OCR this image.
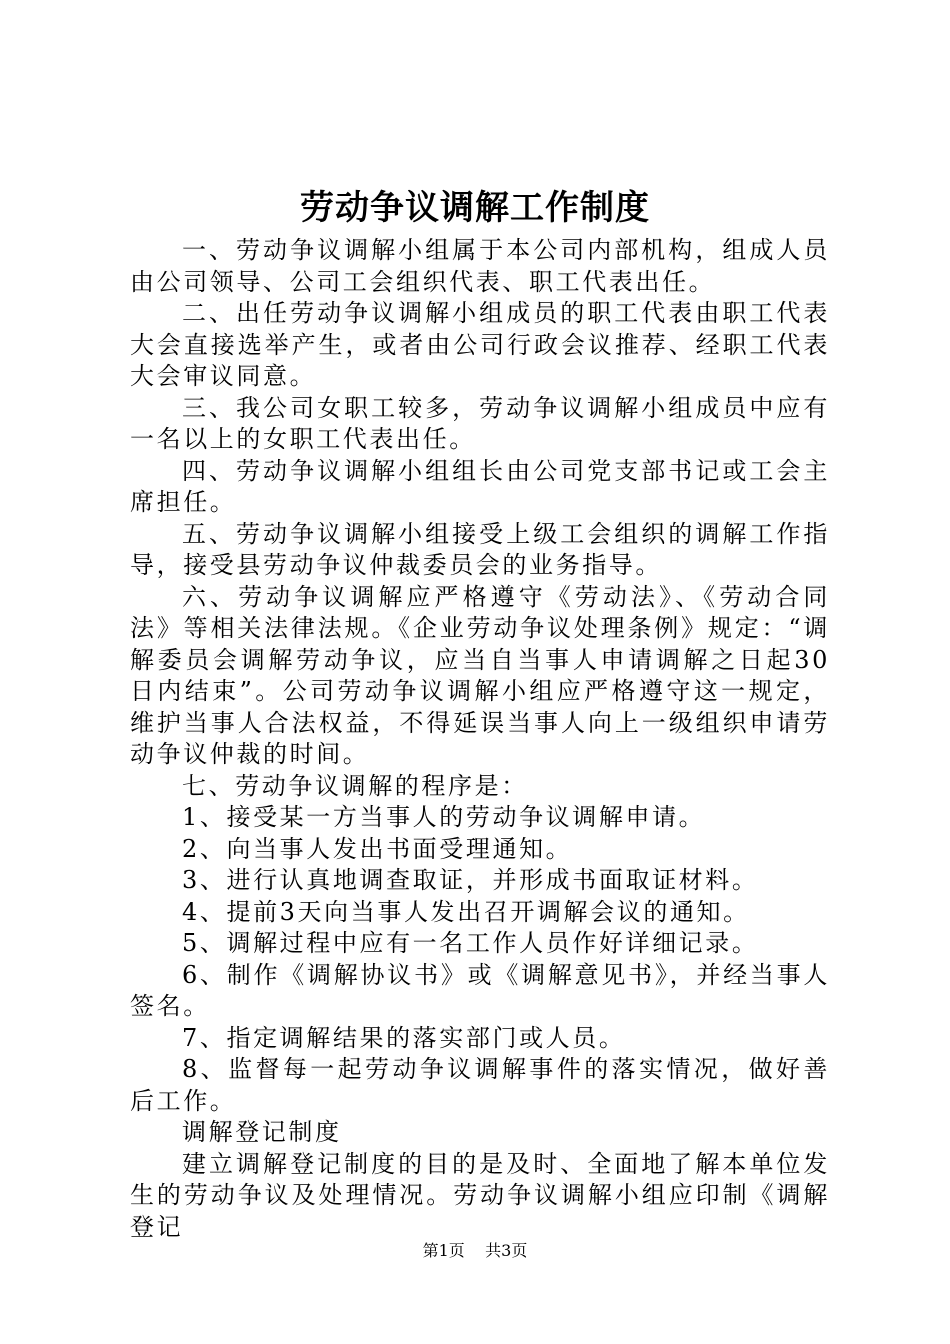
劳动争议调解工作制度

一、劳动争议调解小组属于本公司内部机构，组成人员由公司领导、公司工会组织代表、职工代表出任。

二、出任劳动争议调解小组成员的职工代表由职工代表大会直接选举产生，或者由公司行政会议推荐、经职工代表大会审议同意。

三、我公司女职工较多，劳动争议调解小组成员中应有一名以上的女职工代表出任。

四、劳动争议调解小组组长由公司党支部书记或工会主席担任。

五、劳动争议调解小组接受上级工会组织的调解工作指导，接受县劳动争议仲裁委员会的业务指导。

六、劳动争议调解应严格遵守《劳动法》、《劳动合同法》等相关法律法规。《企业劳动争议处理条例》规定：“调解委员会调解劳动争议，应当自当事人申请调解之日起30日内结束”。公司劳动争议调解小组应严格遵守这一规定，维护当事人合法权益，不得延误当事人向上一级组织申请劳动争议仲裁的时间。

七、劳动争议调解的程序是：

1、接受某一方当事人的劳动争议调解申请。

2、向当事人发出书面受理通知。

3、进行认真地调查取证，并形成书面取证材料。

4、提前3天向当事人发出召开调解会议的通知。

5、调解过程中应有一名工作人员作好详细记录。

6、制作《调解协议书》或《调解意见书》，并经当事人签名。

7、指定调解结果的落实部门或人员。

8、监督每一起劳动争议调解事件的落实情况，做好善后工作。

调解登记制度

建立调解登记制度的目的是及时、全面地了解本单位发生的劳动争议及处理情况。劳动争议调解小组应印制《调解登记

第1页 共3页
